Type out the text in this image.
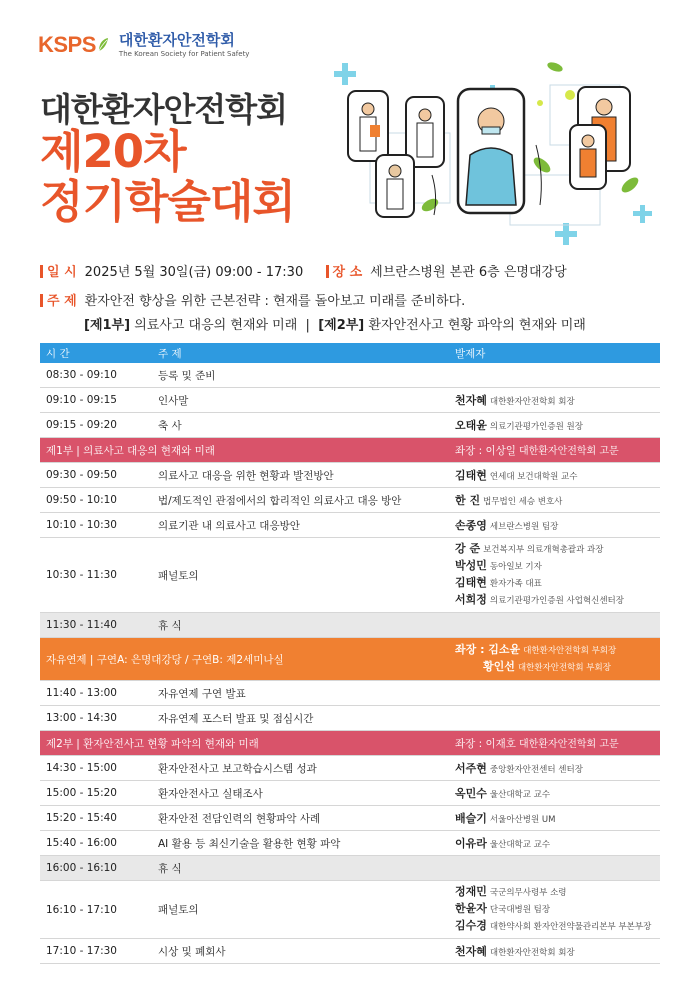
KSPS 대한환자안전학회
The Korean Society for Patient Safety
대한환자안전학회
제20차
정기학술대회
일 시 2025년 5월 30일(금) 09:00 - 17:30 장 소 세브란스병원 본관 6층 은명대강당
주 제 환자안전 향상을 위한 근본전략 : 현재를 돌아보고 미래를 준비하다.
[제1부] 의료사고 대응의 현재와 미래 | [제2부] 환자안전사고 현황 파악의 현재와 미래
시 간	주 제	발제자
08:30 - 09:10	등록 및 준비	
09:10 - 09:15	인사말	천자혜 대한환자안전학회 회장

09:15 - 09:20	축 사	오태윤 의료기관평가인증원 원장

제1부 | 의료사고 대응의 현재와 미래		좌장 : 이상일 대한환자안전학회 고문
09:30 - 09:50	의료사고 대응을 위한 현황과 발전방안	김태현 연세대 보건대학원 교수

09:50 - 10:10	법/제도적인 관점에서의 합리적인 의료사고 대응 방안	한 진 법무법인 세승 변호사

10:10 - 10:30	의료기관 내 의료사고 대응방안	손종영 세브란스병원 팀장

10:30 - 11:30	패널토의	강 준 보건복지부 의료개혁총괄과 과장
박성민 동아일보 기자
김태현 환자가족 대표
서희정 의료기관평가인증원 사업혁신센터장

11:30 - 11:40	휴 식	
자유연제 | 구연A: 은명대강당 / 구연B: 제2세미나실		좌장 : 김소윤 대한환자안전학회 부회장
황인선 대한환자안전학회 부회장

11:40 - 13:00	자유연제 구연 발표	
13:00 - 14:30	자유연제 포스터 발표 및 점심시간	
제2부 | 환자안전사고 현황 파악의 현재와 미래		좌장 : 이재호 대한환자안전학회 고문
14:30 - 15:00	환자안전사고 보고학습시스템 성과	서주현 중앙환자안전센터 센터장

15:00 - 15:20	환자안전사고 실태조사	옥민수 울산대학교 교수

15:20 - 15:40	환자안전 전담인력의 현황파악 사례	배슬기 서울아산병원 UM

15:40 - 16:00	AI 활용 등 최신기술을 활용한 현황 파악	이유라 울산대학교 교수

16:00 - 16:10	휴 식	
16:10 - 17:10	패널토의	정재민 국군의무사령부 소령
한윤자 단국대병원 팀장
김수경 대한약사회 환자안전약물관리본부 부본부장

17:10 - 17:30	시상 및 폐회사	천자혜 대한환자안전학회 회장
